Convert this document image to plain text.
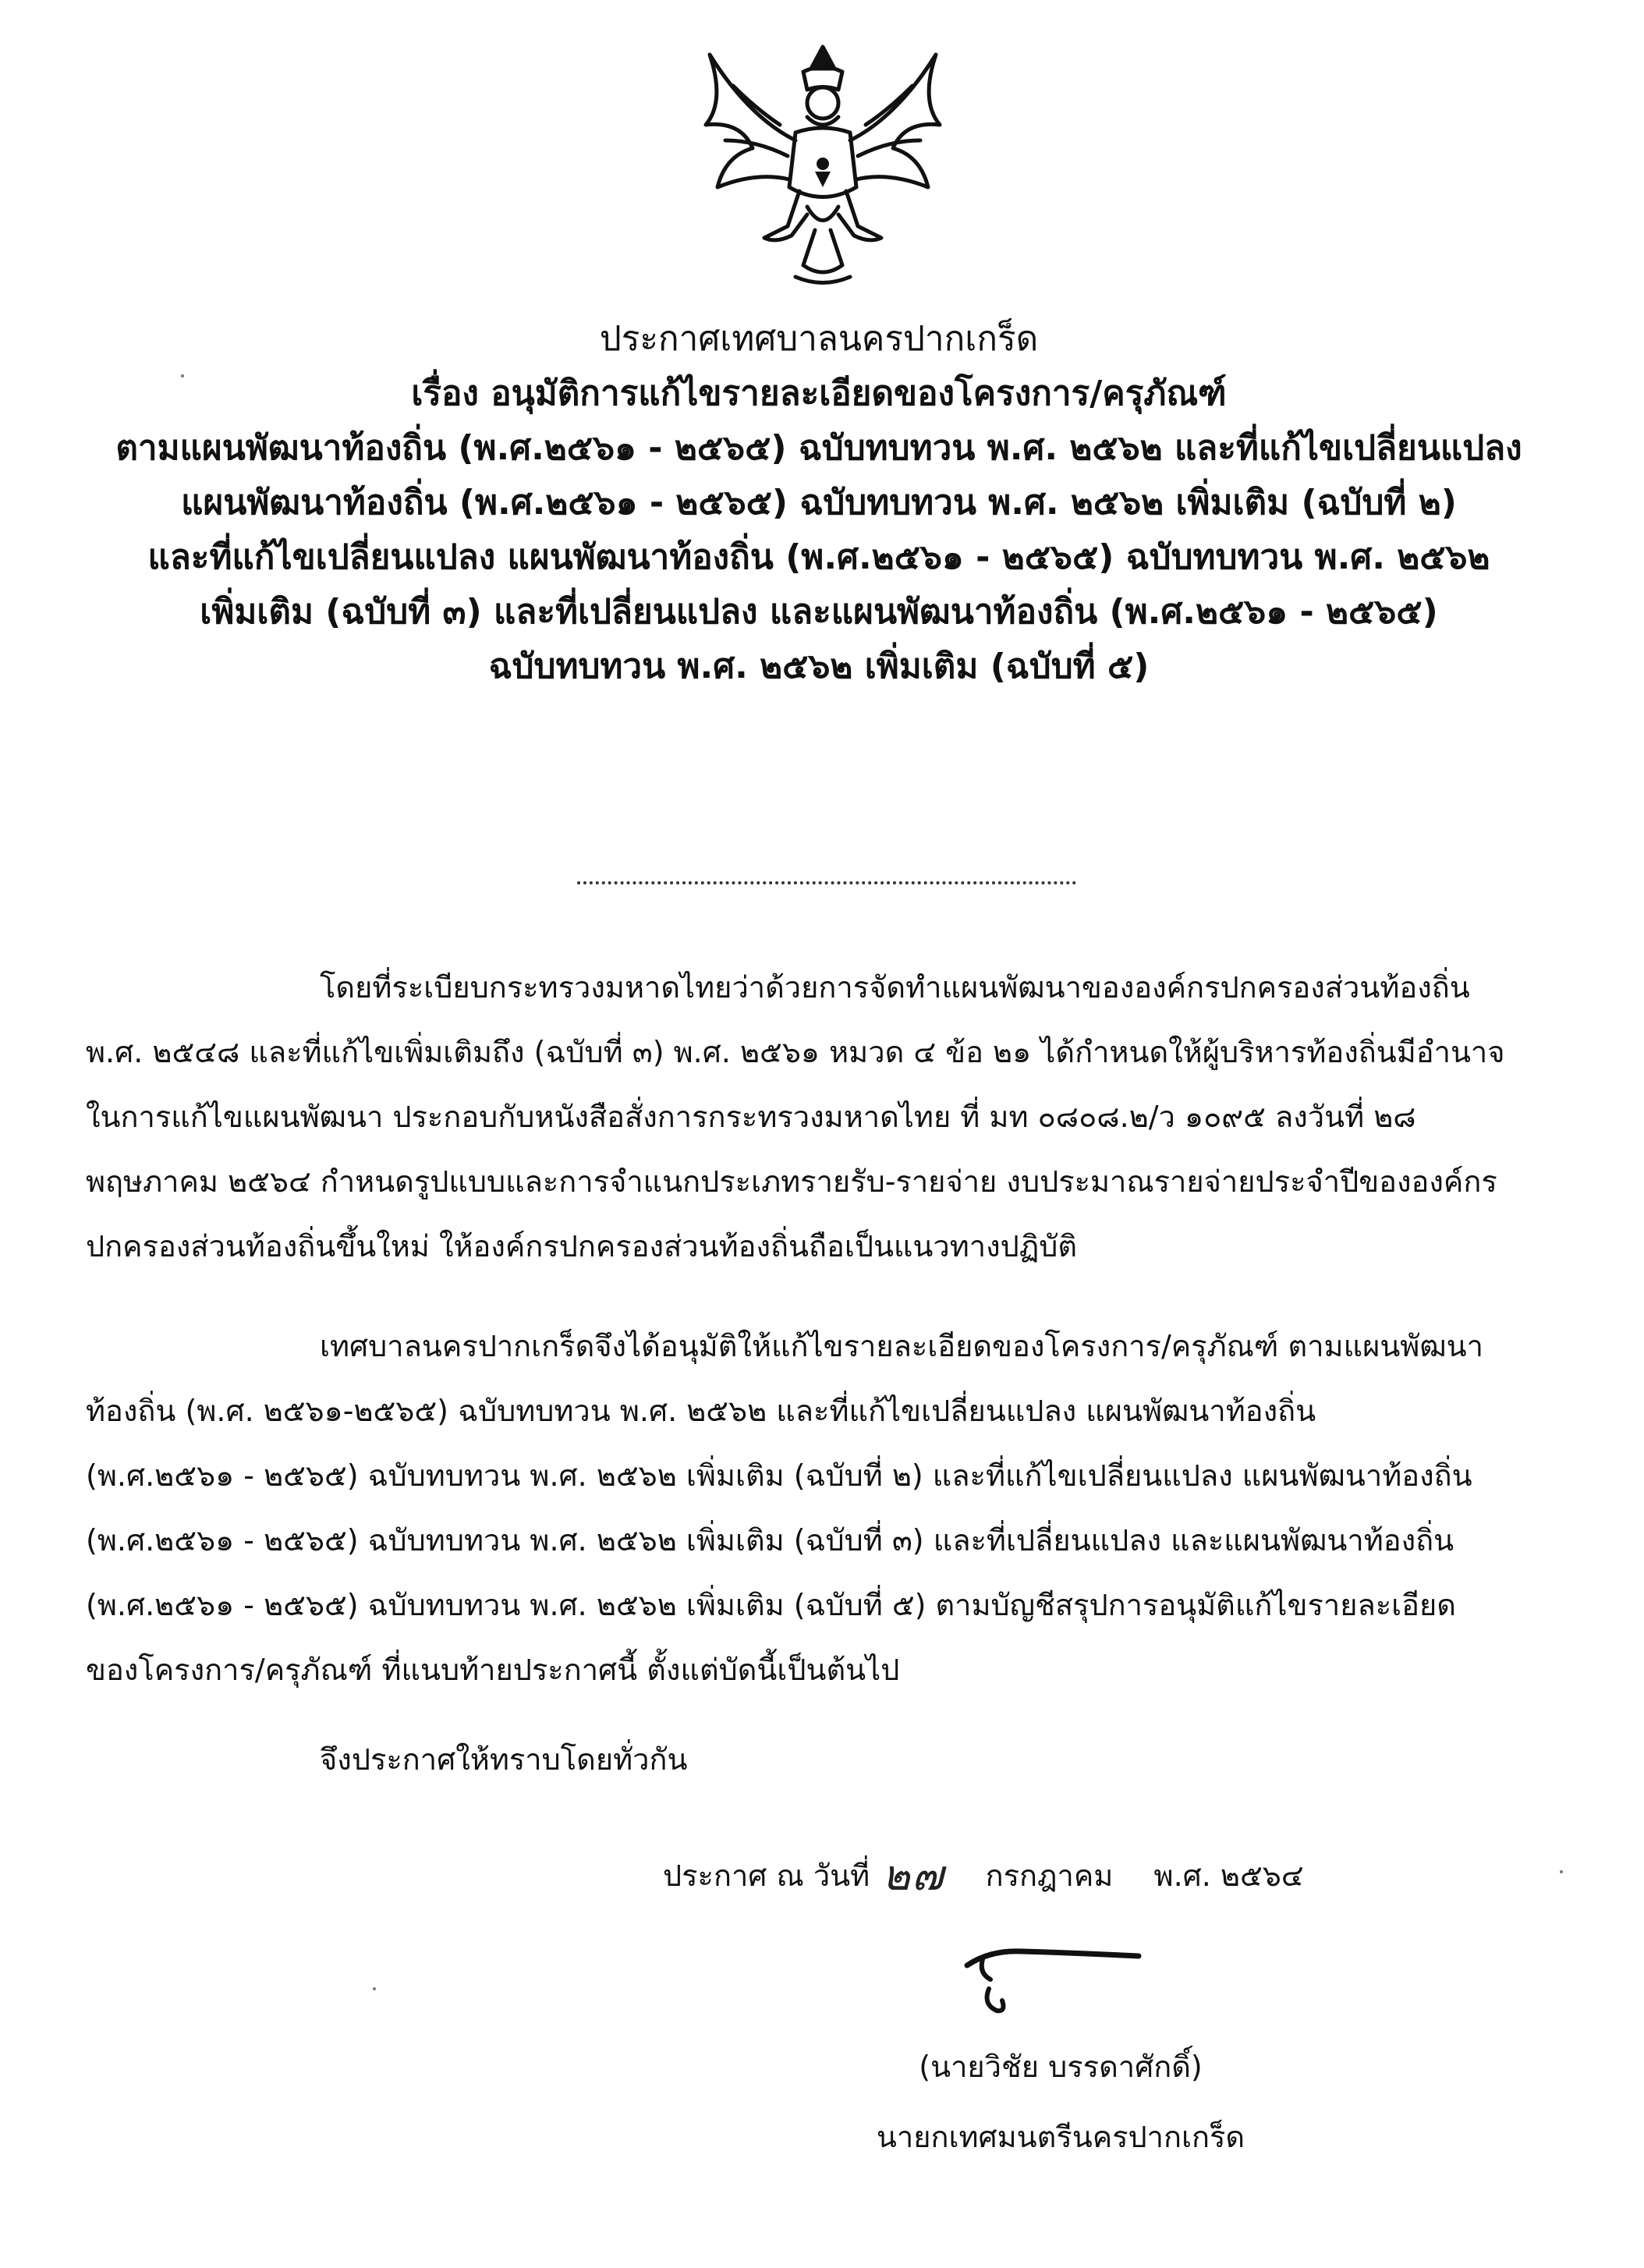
ประกาศเทศบาลนครปากเกร็ด
เรื่อง อนุมัติการแก้ไขรายละเอียดของโครงการ/ครุภัณฑ์
ตามแผนพัฒนาท้องถิ่น (พ.ศ.๒๕๖๑ - ๒๕๖๕) ฉบับทบทวน พ.ศ. ๒๕๖๒ และที่แก้ไขเปลี่ยนแปลง
แผนพัฒนาท้องถิ่น (พ.ศ.๒๕๖๑ - ๒๕๖๕) ฉบับทบทวน พ.ศ. ๒๕๖๒ เพิ่มเติม (ฉบับที่ ๒)
และที่แก้ไขเปลี่ยนแปลง แผนพัฒนาท้องถิ่น (พ.ศ.๒๕๖๑ - ๒๕๖๕) ฉบับทบทวน พ.ศ. ๒๕๖๒
เพิ่มเติม (ฉบับที่ ๓) และที่เปลี่ยนแปลง และแผนพัฒนาท้องถิ่น (พ.ศ.๒๕๖๑ - ๒๕๖๕)
ฉบับทบทวน พ.ศ. ๒๕๖๒ เพิ่มเติม (ฉบับที่ ๕)

โดยที่ระเบียบกระทรวงมหาดไทยว่าด้วยการจัดทำแผนพัฒนาขององค์กรปกครองส่วนท้องถิ่น

พ.ศ. ๒๕๔๘ และที่แก้ไขเพิ่มเติมถึง (ฉบับที่ ๓) พ.ศ. ๒๕๖๑ หมวด ๔ ข้อ ๒๑ ได้กำหนดให้ผู้บริหารท้องถิ่นมีอำนาจ

ในการแก้ไขแผนพัฒนา ประกอบกับหนังสือสั่งการกระทรวงมหาดไทย ที่ มท ๐๘๐๘.๒/ว ๑๐๙๕ ลงวันที่ ๒๘

พฤษภาคม ๒๕๖๔ กำหนดรูปแบบและการจำแนกประเภทรายรับ-รายจ่าย งบประมาณรายจ่ายประจำปีขององค์กร

ปกครองส่วนท้องถิ่นขึ้นใหม่ ให้องค์กรปกครองส่วนท้องถิ่นถือเป็นแนวทางปฏิบัติ

เทศบาลนครปากเกร็ดจึงได้อนุมัติให้แก้ไขรายละเอียดของโครงการ/ครุภัณฑ์ ตามแผนพัฒนา

ท้องถิ่น (พ.ศ. ๒๕๖๑-๒๕๖๕) ฉบับทบทวน พ.ศ. ๒๕๖๒ และที่แก้ไขเปลี่ยนแปลง แผนพัฒนาท้องถิ่น

(พ.ศ.๒๕๖๑ - ๒๕๖๕) ฉบับทบทวน พ.ศ. ๒๕๖๒ เพิ่มเติม (ฉบับที่ ๒) และที่แก้ไขเปลี่ยนแปลง แผนพัฒนาท้องถิ่น

(พ.ศ.๒๕๖๑ - ๒๕๖๕) ฉบับทบทวน พ.ศ. ๒๕๖๒ เพิ่มเติม (ฉบับที่ ๓) และที่เปลี่ยนแปลง และแผนพัฒนาท้องถิ่น

(พ.ศ.๒๕๖๑ - ๒๕๖๕) ฉบับทบทวน พ.ศ. ๒๕๖๒ เพิ่มเติม (ฉบับที่ ๕) ตามบัญชีสรุปการอนุมัติแก้ไขรายละเอียด

ของโครงการ/ครุภัณฑ์ ที่แนบท้ายประกาศนี้ ตั้งแต่บัดนี้เป็นต้นไป

จึงประกาศให้ทราบโดยทั่วกัน

ประกาศ ณ วันที่ ๒๗ กรกฎาคม พ.ศ. ๒๕๖๔
(นายวิชัย บรรดาศักดิ์)
นายกเทศมนตรีนครปากเกร็ด
